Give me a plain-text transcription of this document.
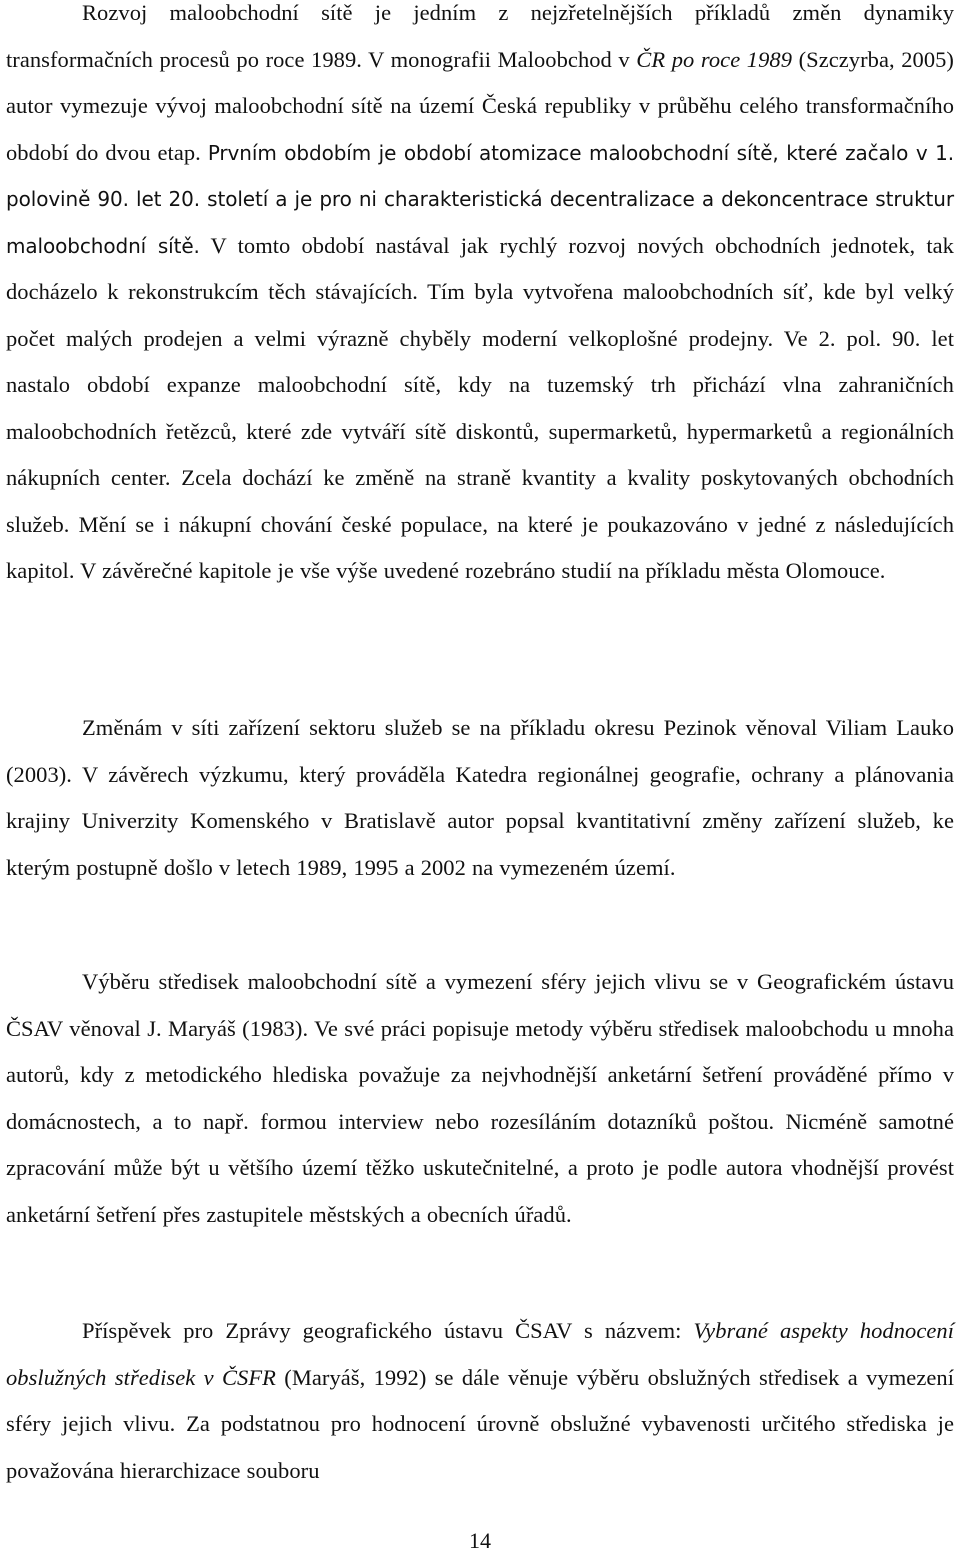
Rozvoj maloobchodní sítě je jedním z nejzřetelnějších příkladů změn dynamiky transformačních procesů po roce 1989. V monografii Maloobchod v ČR po roce 1989 (Szczyrba, 2005) autor vymezuje vývoj maloobchodní sítě na území Česká republiky v průběhu celého transformačního období do dvou etap. Prvním obdobím je období atomizace maloobchodní sítě, které začalo v 1. polovině 90. let 20. století a je pro ni charakteristická decentralizace a dekoncentrace struktur maloobchodní sítě. V tomto období nastával jak rychlý rozvoj nových obchodních jednotek, tak docházelo k rekonstrukcím těch stávajících. Tím byla vytvořena maloobchodních síť, kde byl velký počet malých prodejen a velmi výrazně chyběly moderní velkoplošné prodejny. Ve 2. pol. 90. let nastalo období expanze maloobchodní sítě, kdy na tuzemský trh přichází vlna zahraničních maloobchodních řetězců, které zde vytváří sítě diskontů, supermarketů, hypermarketů a regionálních nákupních center. Zcela dochází ke změně na straně kvantity a kvality poskytovaných obchodních služeb. Mění se i nákupní chování české populace, na které je poukazováno v jedné z následujících kapitol. V závěrečné kapitole je vše výše uvedené rozebráno studií na příkladu města Olomouce.

Změnám v síti zařízení sektoru služeb se na příkladu okresu Pezinok věnoval Viliam Lauko (2003). V závěrech výzkumu, který prováděla Katedra regionálnej geografie, ochrany a plánovania krajiny Univerzity Komenského v Bratislavě autor popsal kvantitativní změny zařízení služeb, ke kterým postupně došlo v letech 1989, 1995 a 2002 na vymezeném území.

Výběru středisek maloobchodní sítě a vymezení sféry jejich vlivu se v Geografickém ústavu ČSAV věnoval J. Maryáš (1983). Ve své práci popisuje metody výběru středisek maloobchodu u mnoha autorů, kdy z metodického hlediska považuje za nejvhodnější anketární šetření prováděné přímo v domácnostech, a to např. formou interview nebo rozesíláním dotazníků poštou. Nicméně samotné zpracování může být u většího území těžko uskutečnitelné, a proto je podle autora vhodnější provést anketární šetření přes zastupitele městských a obecních úřadů.

Příspěvek pro Zprávy geografického ústavu ČSAV s názvem: Vybrané aspekty hodnocení obslužných středisek v ČSFR (Maryáš, 1992) se dále věnuje výběru obslužných středisek a vymezení sféry jejich vlivu. Za podstatnou pro hodnocení úrovně obslužné vybavenosti určitého střediska je považována hierarchizace souboru

14
